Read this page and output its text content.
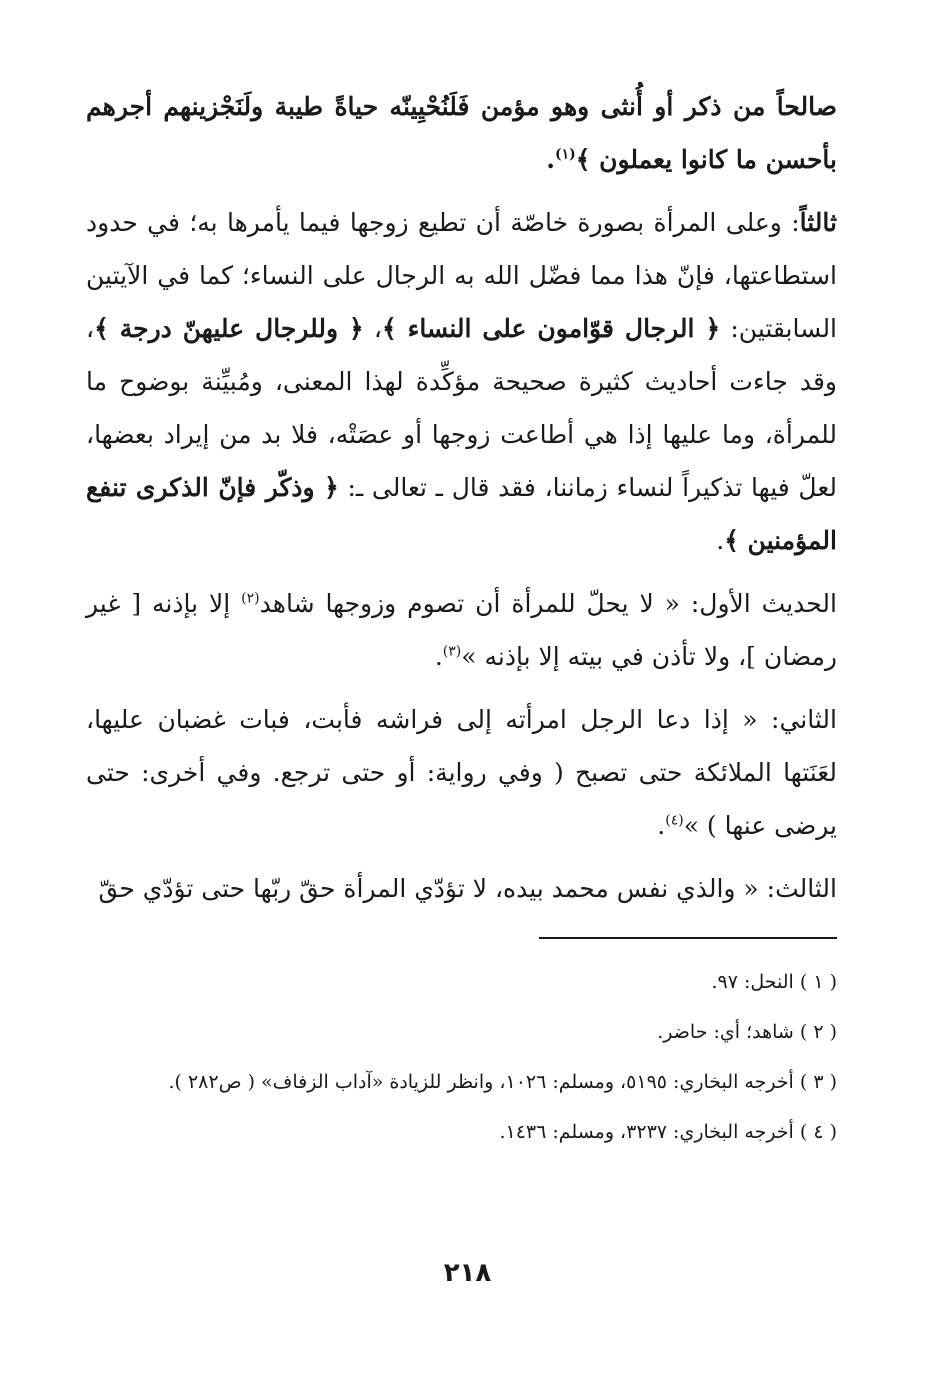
صالحاً من ذكر أو أُنثى وهو مؤمن فَلَنُحْيِينّه حياةً طيبة ولَنَجْزينهم أجرهم بأحسن ما كانوا يعملون ﴾$^{(١)}$.

ثالثاً: وعلى المرأة بصورة خاصّة أن تطيع زوجها فيما يأمرها به؛ في حدود استطاعتها، فإنّ هذا مما فضّل الله به الرجال على النساء؛ كما في الآيتين السابقتين: ﴿ الرجال قوّامون على النساء ﴾، ﴿ وللرجال عليهنّ درجة ﴾، وقد جاءت أحاديث كثيرة صحيحة مؤكِّدة لهذا المعنى، ومُبيِّنة بوضوح ما للمرأة، وما عليها إذا هي أطاعت زوجها أو عصَتْه، فلا بد من إيراد بعضها، لعلّ فيها تذكيراً لنساء زماننا، فقد قال ـ تعالى ـ: ﴿ وذكّر فإنّ الذكرى تنفع المؤمنين ﴾.

الحديث الأول: « لا يحلّ للمرأة أن تصوم وزوجها شاهد$^{(٢)}$ إلا بإذنه [ غير رمضان ]، ولا تأذن في بيته إلا بإذنه »$^{(٣)}$.

الثاني: « إذا دعا الرجل امرأته إلى فراشه فأبت، فبات غضبان عليها، لعَنَتها الملائكة حتى تصبح ( وفي رواية: أو حتى ترجع. وفي أخرى: حتى يرضى عنها ) »$^{(٤)}$.

الثالث: « والذي نفس محمد بيده، لا تؤدّي المرأة حقّ ربّها حتى تؤدّي حقّ

( ١ ) النحل: ٩٧.

( ٢ ) شاهد؛ أي: حاضر.

( ٣ ) أخرجه البخاري: ٥١٩٥، ومسلم: ١٠٢٦، وانظر للزيادة «آداب الزفاف» ( ص٢٨٢ ).

( ٤ ) أخرجه البخاري: ٣٢٣٧، ومسلم: ١٤٣٦.

٢١٨
